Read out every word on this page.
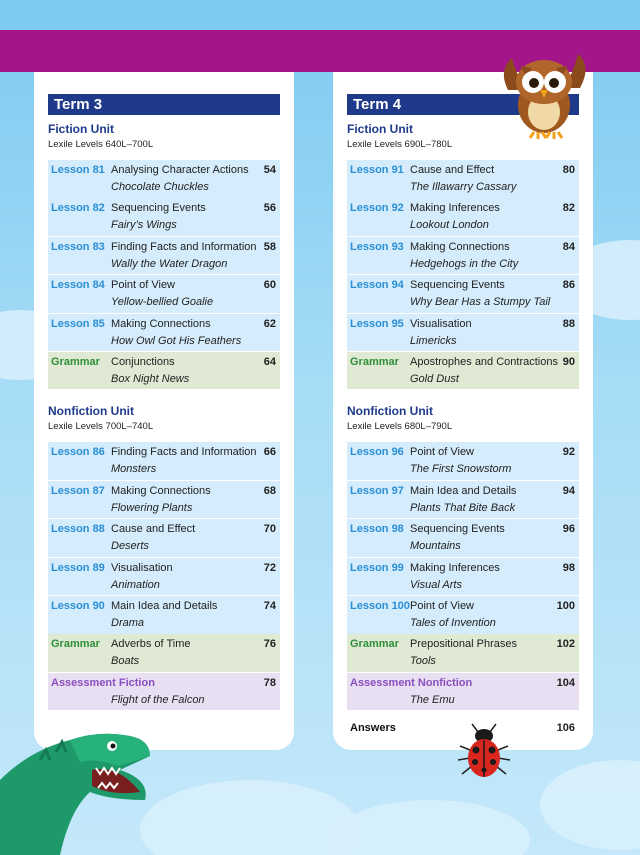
Term 3
Fiction Unit
Lexile Levels 640L–700L
Lesson 81 Analysing Character Actions
Chocolate Chuckles
54
Lesson 82 Sequencing Events
Fairy’s Wings
56
Lesson 83 Finding Facts and Information
Wally the Water Dragon
58
Lesson 84 Point of View
Yellow-bellied Goalie
60
Lesson 85 Making Connections
How Owl Got His Feathers
62
Grammar Conjunctions
Box Night News
64
Nonfiction Unit
Lexile Levels 700L–740L
Lesson 86 Finding Facts and Information
Monsters
66
Lesson 87 Making Connections
Flowering Plants
68
Lesson 88 Cause and Effect
Deserts
70
Lesson 89 Visualisation
Animation
72
Lesson 90 Main Idea and Details
Drama
74
Grammar Adverbs of Time
Boats
76
Assessment Fiction
Flight of the Falcon
78
Term 4
Fiction Unit
Lexile Levels 690L–780L
Lesson 91 Cause and Effect
The Illawarry Cassary
80
Lesson 92 Making Inferences
Lookout London
82
Lesson 93 Making Connections
Hedgehogs in the City
84
Lesson 94 Sequencing Events
Why Bear Has a Stumpy Tail
86
Lesson 95 Visualisation
Limericks
88
Grammar Apostrophes and Contractions
Gold Dust
90
Nonfiction Unit
Lexile Levels 680L–790L
Lesson 96 Point of View
The First Snowstorm
92
Lesson 97 Main Idea and Details
Plants That Bite Back
94
Lesson 98 Sequencing Events
Mountains
96
Lesson 99 Making Inferences
Visual Arts
98
Lesson 100 Point of View
Tales of Invention
100
Grammar Prepositional Phrases
Tools
102
Assessment Nonfiction
The Emu
104
Answers	106
